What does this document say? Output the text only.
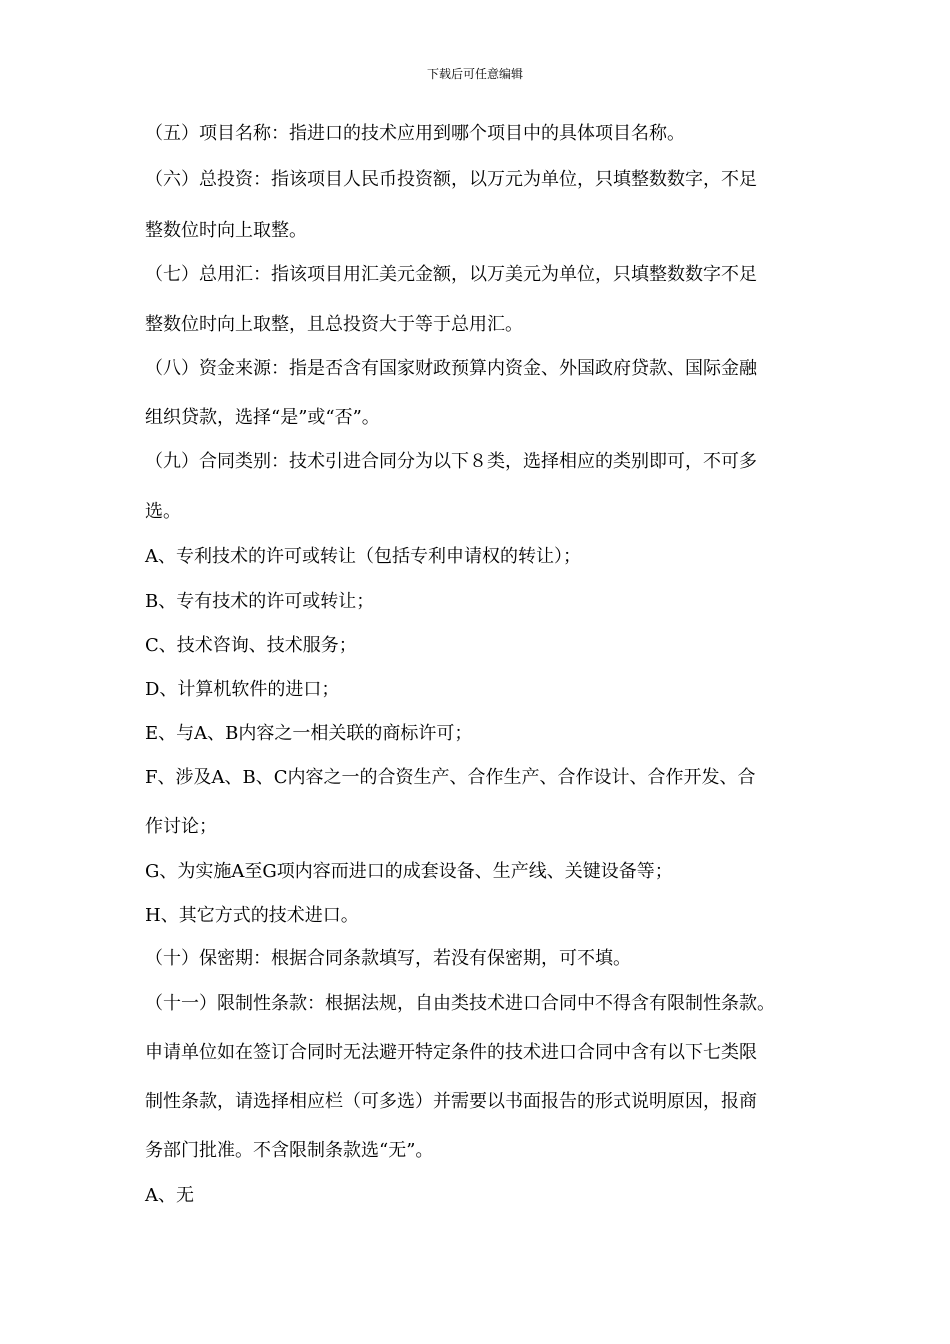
下载后可任意编辑
（五）项目名称：指进口的技术应用到哪个项目中的具体项目名称。
（六）总投资：指该项目人民币投资额，以万元为单位，只填整数数字，不足
整数位时向上取整。
（七）总用汇：指该项目用汇美元金额，以万美元为单位，只填整数数字不足
整数位时向上取整，且总投资大于等于总用汇。
（八）资金来源：指是否含有国家财政预算内资金、外国政府贷款、国际金融
组织贷款，选择“是”或“否”。
（九）合同类别：技术引进合同分为以下８类，选择相应的类别即可，不可多
选。
A、专利技术的许可或转让（包括专利申请权的转让）；
B、专有技术的许可或转让；
C、技术咨询、技术服务；
D、计算机软件的进口；
E、与A、B内容之一相关联的商标许可；
F、涉及A、B、C内容之一的合资生产、合作生产、合作设计、合作开发、合
作讨论；
G、为实施A至G项内容而进口的成套设备、生产线、关键设备等；
H、其它方式的技术进口。
（十）保密期：根据合同条款填写，若没有保密期，可不填。
（十一）限制性条款：根据法规，自由类技术进口合同中不得含有限制性条款。
申请单位如在签订合同时无法避开特定条件的技术进口合同中含有以下七类限
制性条款，请选择相应栏（可多选）并需要以书面报告的形式说明原因，报商
务部门批准。不含限制条款选“无”。
A、无
